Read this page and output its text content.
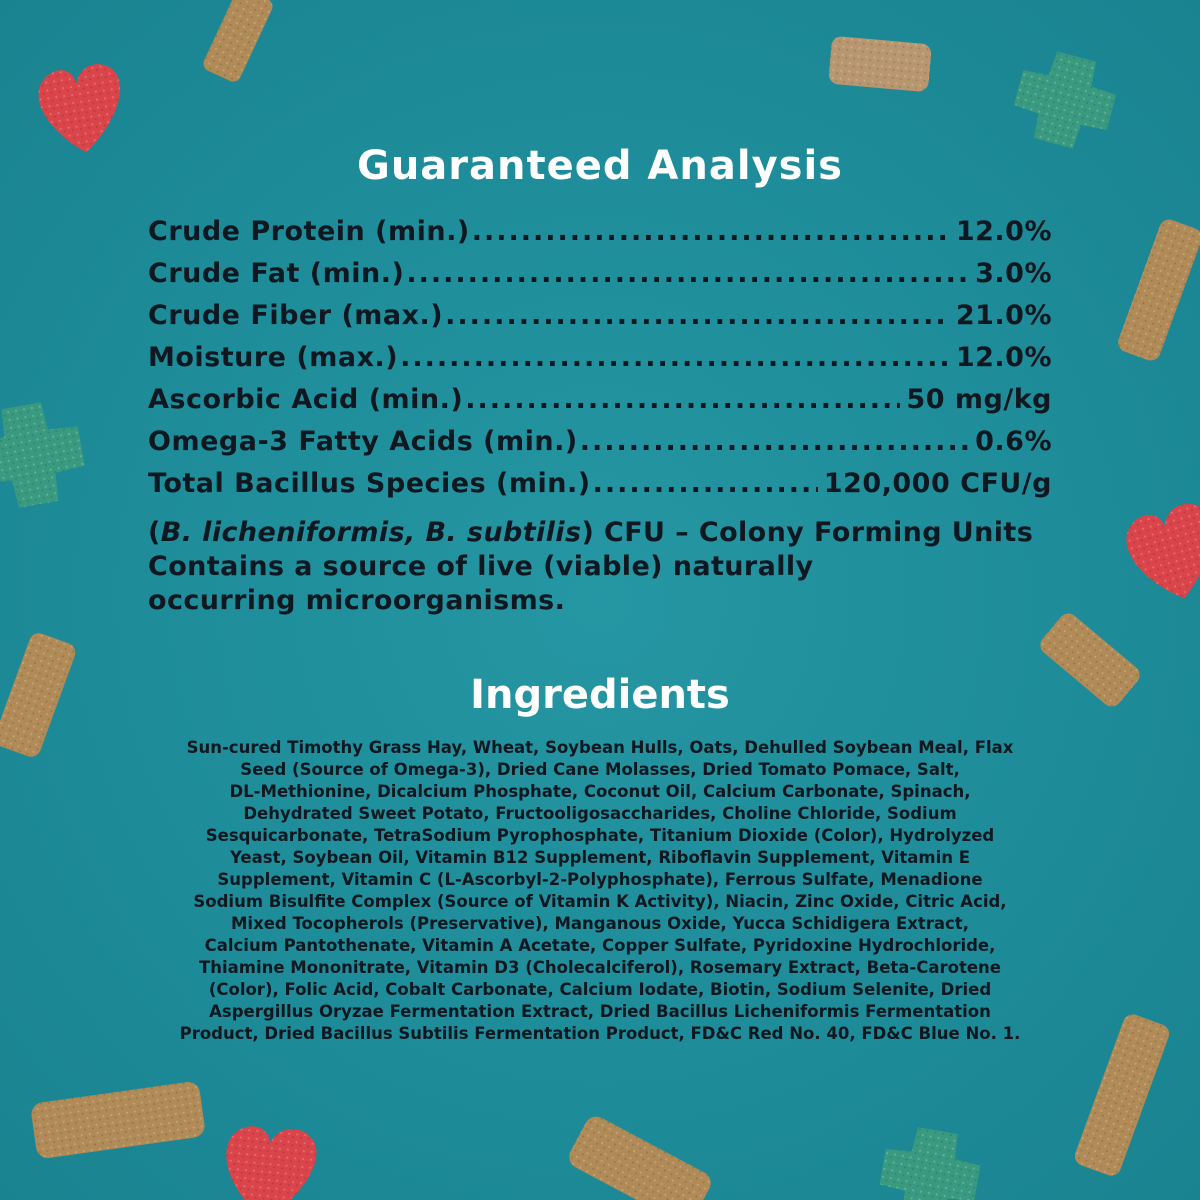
Guaranteed Analysis
Crude Protein (min.) .....	12.0%
Crude Fat (min.) .....	3.0%
Crude Fiber (max.) .....	21.0%
Moisture (max.) .....	12.0%
Ascorbic Acid (min.) .....	50 mg/kg
Omega-3 Fatty Acids (min.) .....	0.6%
Total Bacillus Species (min.) .....	120,000 CFU/g
(B. licheniformis, B. subtilis) CFU – Colony Forming Units
Contains a source of live (viable) naturally
occurring microorganisms.
Ingredients
Sun-cured Timothy Grass Hay, Wheat, Soybean Hulls, Oats, Dehulled Soybean Meal, Flax
Seed (Source of Omega-3), Dried Cane Molasses, Dried Tomato Pomace, Salt,
DL-Methionine, Dicalcium Phosphate, Coconut Oil, Calcium Carbonate, Spinach,
Dehydrated Sweet Potato, Fructooligosaccharides, Choline Chloride, Sodium
Sesquicarbonate, TetraSodium Pyrophosphate, Titanium Dioxide (Color), Hydrolyzed
Yeast, Soybean Oil, Vitamin B12 Supplement, Riboflavin Supplement, Vitamin E
Supplement, Vitamin C (L-Ascorbyl-2-Polyphosphate), Ferrous Sulfate, Menadione
Sodium Bisulfite Complex (Source of Vitamin K Activity), Niacin, Zinc Oxide, Citric Acid,
Mixed Tocopherols (Preservative), Manganous Oxide, Yucca Schidigera Extract,
Calcium Pantothenate, Vitamin A Acetate, Copper Sulfate, Pyridoxine Hydrochloride,
Thiamine Mononitrate, Vitamin D3 (Cholecalciferol), Rosemary Extract, Beta-Carotene
(Color), Folic Acid, Cobalt Carbonate, Calcium Iodate, Biotin, Sodium Selenite, Dried
Aspergillus Oryzae Fermentation Extract, Dried Bacillus Licheniformis Fermentation
Product, Dried Bacillus Subtilis Fermentation Product, FD&C Red No. 40, FD&C Blue No. 1.
